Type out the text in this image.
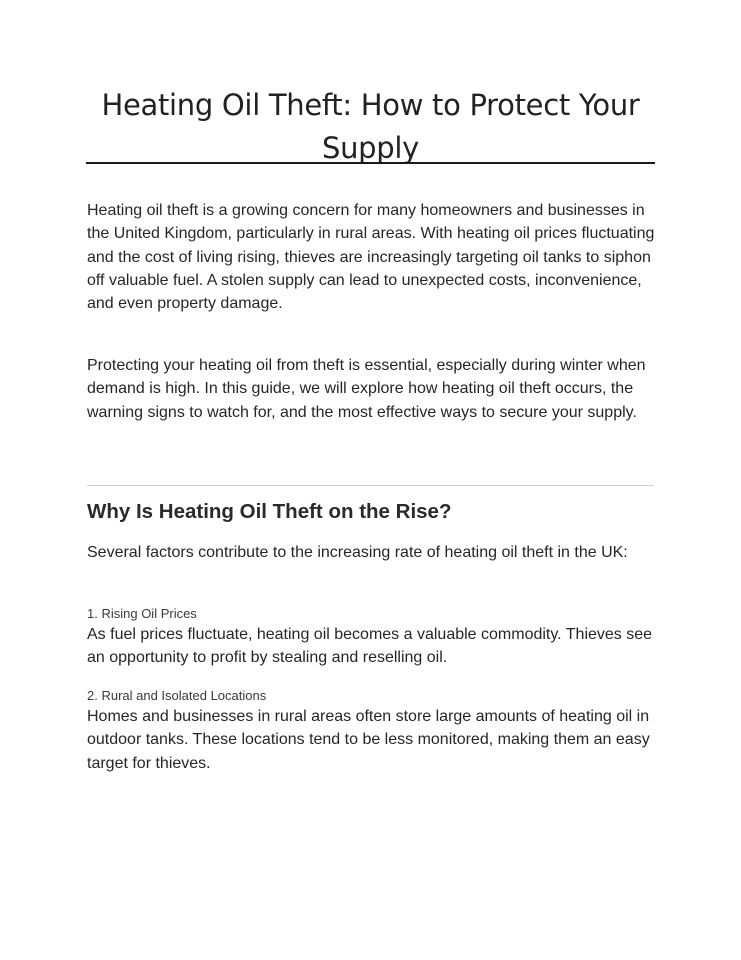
Heating Oil Theft: How to Protect Your Supply

Heating oil theft is a growing concern for many homeowners and businesses in the United Kingdom, particularly in rural areas. With heating oil prices fluctuating and the cost of living rising, thieves are increasingly targeting oil tanks to siphon off valuable fuel. A stolen supply can lead to unexpected costs, inconvenience, and even property damage.

Protecting your heating oil from theft is essential, especially during winter when demand is high. In this guide, we will explore how heating oil theft occurs, the warning signs to watch for, and the most effective ways to secure your supply.

Why Is Heating Oil Theft on the Rise?

Several factors contribute to the increasing rate of heating oil theft in the UK:

1. Rising Oil Prices

As fuel prices fluctuate, heating oil becomes a valuable commodity. Thieves see an opportunity to profit by stealing and reselling oil.

2. Rural and Isolated Locations

Homes and businesses in rural areas often store large amounts of heating oil in outdoor tanks. These locations tend to be less monitored, making them an easy target for thieves.
